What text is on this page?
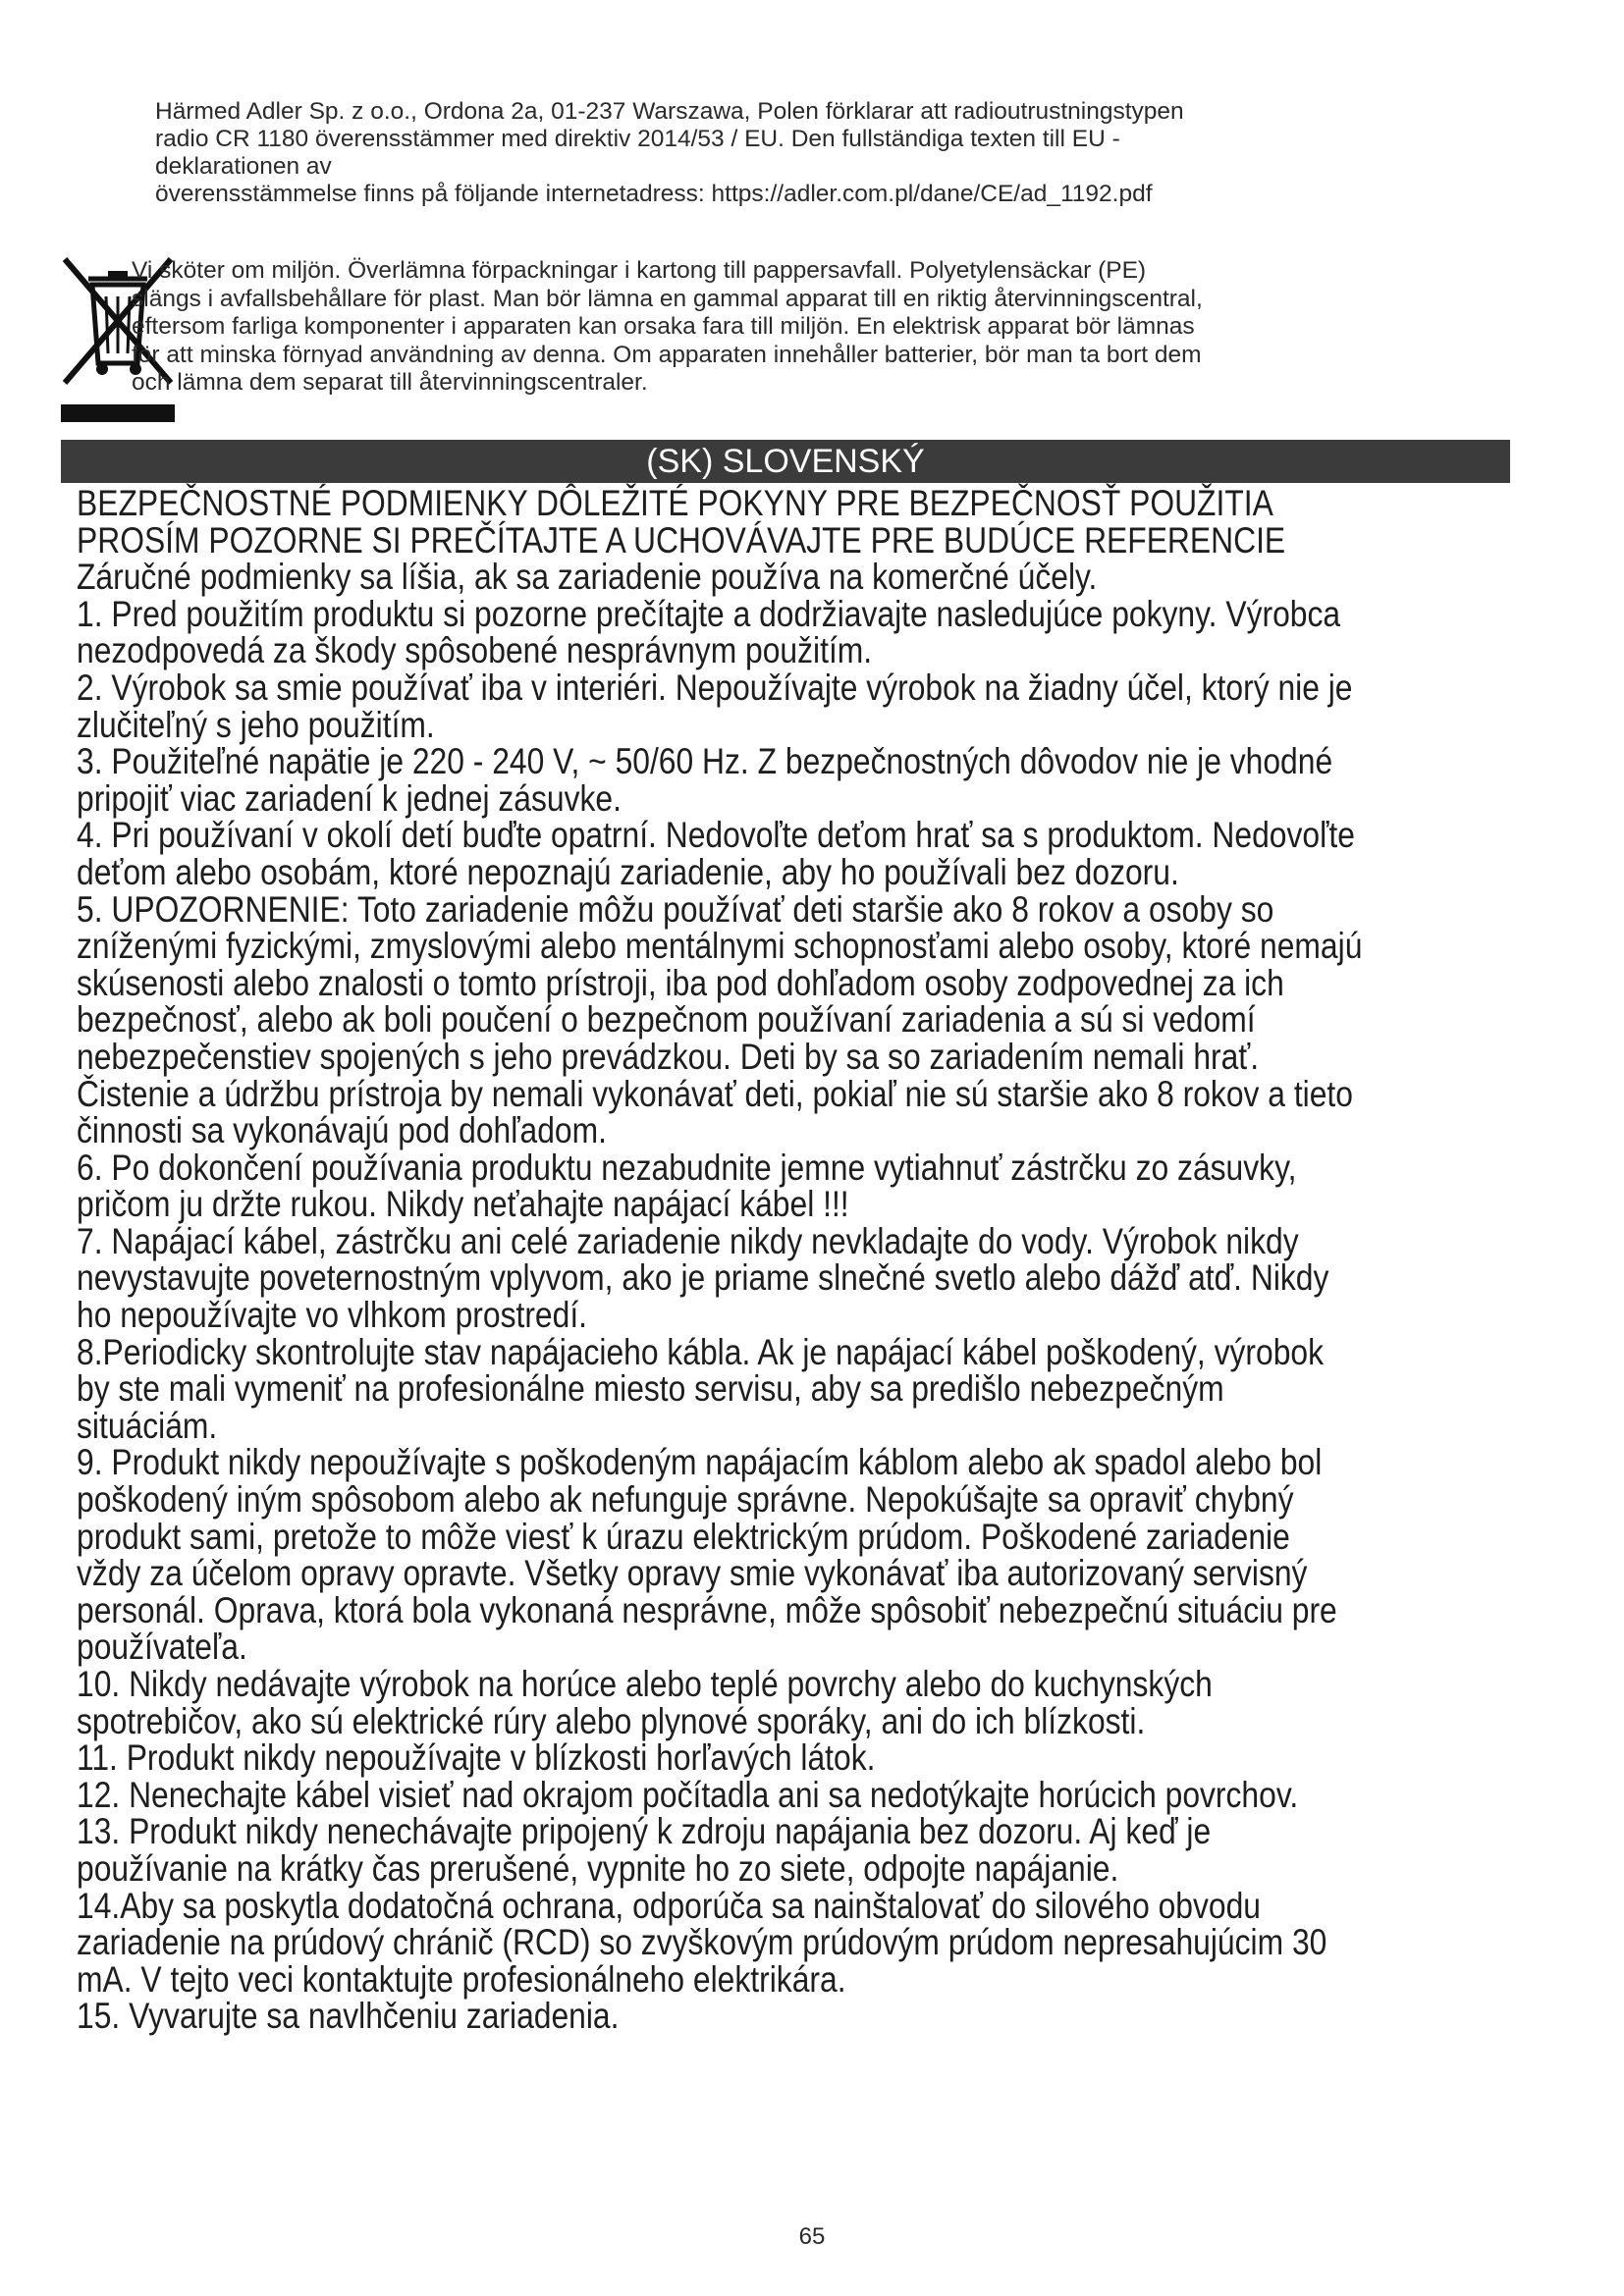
Härmed Adler Sp. z o.o., Ordona 2a, 01-237 Warszawa, Polen förklarar att radioutrustningstypen

radio CR 1180 överensstämmer med direktiv 2014/53 / EU. Den fullständiga texten till EU -

deklarationen av

överensstämmelse finns på följande internetadress: https://adler.com.pl/dane/CE/ad_1192.pdf

Vi sköter om miljön. Överlämna förpackningar i kartong till pappersavfall. Polyetylensäckar (PE)

slängs i avfallsbehållare för plast. Man bör lämna en gammal apparat till en riktig återvinningscentral,

eftersom farliga komponenter i apparaten kan orsaka fara till miljön. En elektrisk apparat bör lämnas

för att minska förnyad användning av denna. Om apparaten innehåller batterier, bör man ta bort dem

och lämna dem separat till återvinningscentraler.

(SK) SLOVENSKÝ

BEZPEČNOSTNÉ PODMIENKY DÔLEŽITÉ POKYNY PRE BEZPEČNOSŤ POUŽITIA

PROSÍM POZORNE SI PREČÍTAJTE A UCHOVÁVAJTE PRE BUDÚCE REFERENCIE

Záručné podmienky sa líšia, ak sa zariadenie používa na komerčné účely.

1. Pred použitím produktu si pozorne prečítajte a dodržiavajte nasledujúce pokyny. Výrobca

nezodpovedá za škody spôsobené nesprávnym použitím.

2. Výrobok sa smie používať iba v interiéri. Nepoužívajte výrobok na žiadny účel, ktorý nie je

zlučiteľný s jeho použitím.

3. Použiteľné napätie je 220 - 240 V, ~ 50/60 Hz. Z bezpečnostných dôvodov nie je vhodné

pripojiť viac zariadení k jednej zásuvke.

4. Pri používaní v okolí detí buďte opatrní. Nedovoľte deťom hrať sa s produktom. Nedovoľte

deťom alebo osobám, ktoré nepoznajú zariadenie, aby ho používali bez dozoru.

5. UPOZORNENIE: Toto zariadenie môžu používať deti staršie ako 8 rokov a osoby so

zníženými fyzickými, zmyslovými alebo mentálnymi schopnosťami alebo osoby, ktoré nemajú

skúsenosti alebo znalosti o tomto prístroji, iba pod dohľadom osoby zodpovednej za ich

bezpečnosť, alebo ak boli poučení o bezpečnom používaní zariadenia a sú si vedomí

nebezpečenstiev spojených s jeho prevádzkou. Deti by sa so zariadením nemali hrať.

Čistenie a údržbu prístroja by nemali vykonávať deti, pokiaľ nie sú staršie ako 8 rokov a tieto

činnosti sa vykonávajú pod dohľadom.

6. Po dokončení používania produktu nezabudnite jemne vytiahnuť zástrčku zo zásuvky,

pričom ju držte rukou. Nikdy neťahajte napájací kábel !!!

7. Napájací kábel, zástrčku ani celé zariadenie nikdy nevkladajte do vody. Výrobok nikdy

nevystavujte poveternostným vplyvom, ako je priame slnečné svetlo alebo dážď atď. Nikdy

ho nepoužívajte vo vlhkom prostredí.

8.Periodicky skontrolujte stav napájacieho kábla. Ak je napájací kábel poškodený, výrobok

by ste mali vymeniť na profesionálne miesto servisu, aby sa predišlo nebezpečným

situáciám.

9. Produkt nikdy nepoužívajte s poškodeným napájacím káblom alebo ak spadol alebo bol

poškodený iným spôsobom alebo ak nefunguje správne. Nepokúšajte sa opraviť chybný

produkt sami, pretože to môže viesť k úrazu elektrickým prúdom. Poškodené zariadenie

vždy za účelom opravy opravte. Všetky opravy smie vykonávať iba autorizovaný servisný

personál. Oprava, ktorá bola vykonaná nesprávne, môže spôsobiť nebezpečnú situáciu pre

používateľa.

10. Nikdy nedávajte výrobok na horúce alebo teplé povrchy alebo do kuchynských

spotrebičov, ako sú elektrické rúry alebo plynové sporáky, ani do ich blízkosti.

11. Produkt nikdy nepoužívajte v blízkosti horľavých látok.

12. Nenechajte kábel visieť nad okrajom počítadla ani sa nedotýkajte horúcich povrchov.

13. Produkt nikdy nenechávajte pripojený k zdroju napájania bez dozoru. Aj keď je

používanie na krátky čas prerušené, vypnite ho zo siete, odpojte napájanie.

14.Aby sa poskytla dodatočná ochrana, odporúča sa nainštalovať do silového obvodu

zariadenie na prúdový chránič (RCD) so zvyškovým prúdovým prúdom nepresahujúcim 30

mA. V tejto veci kontaktujte profesionálneho elektrikára.

15. Vyvarujte sa navlhčeniu zariadenia.

65
